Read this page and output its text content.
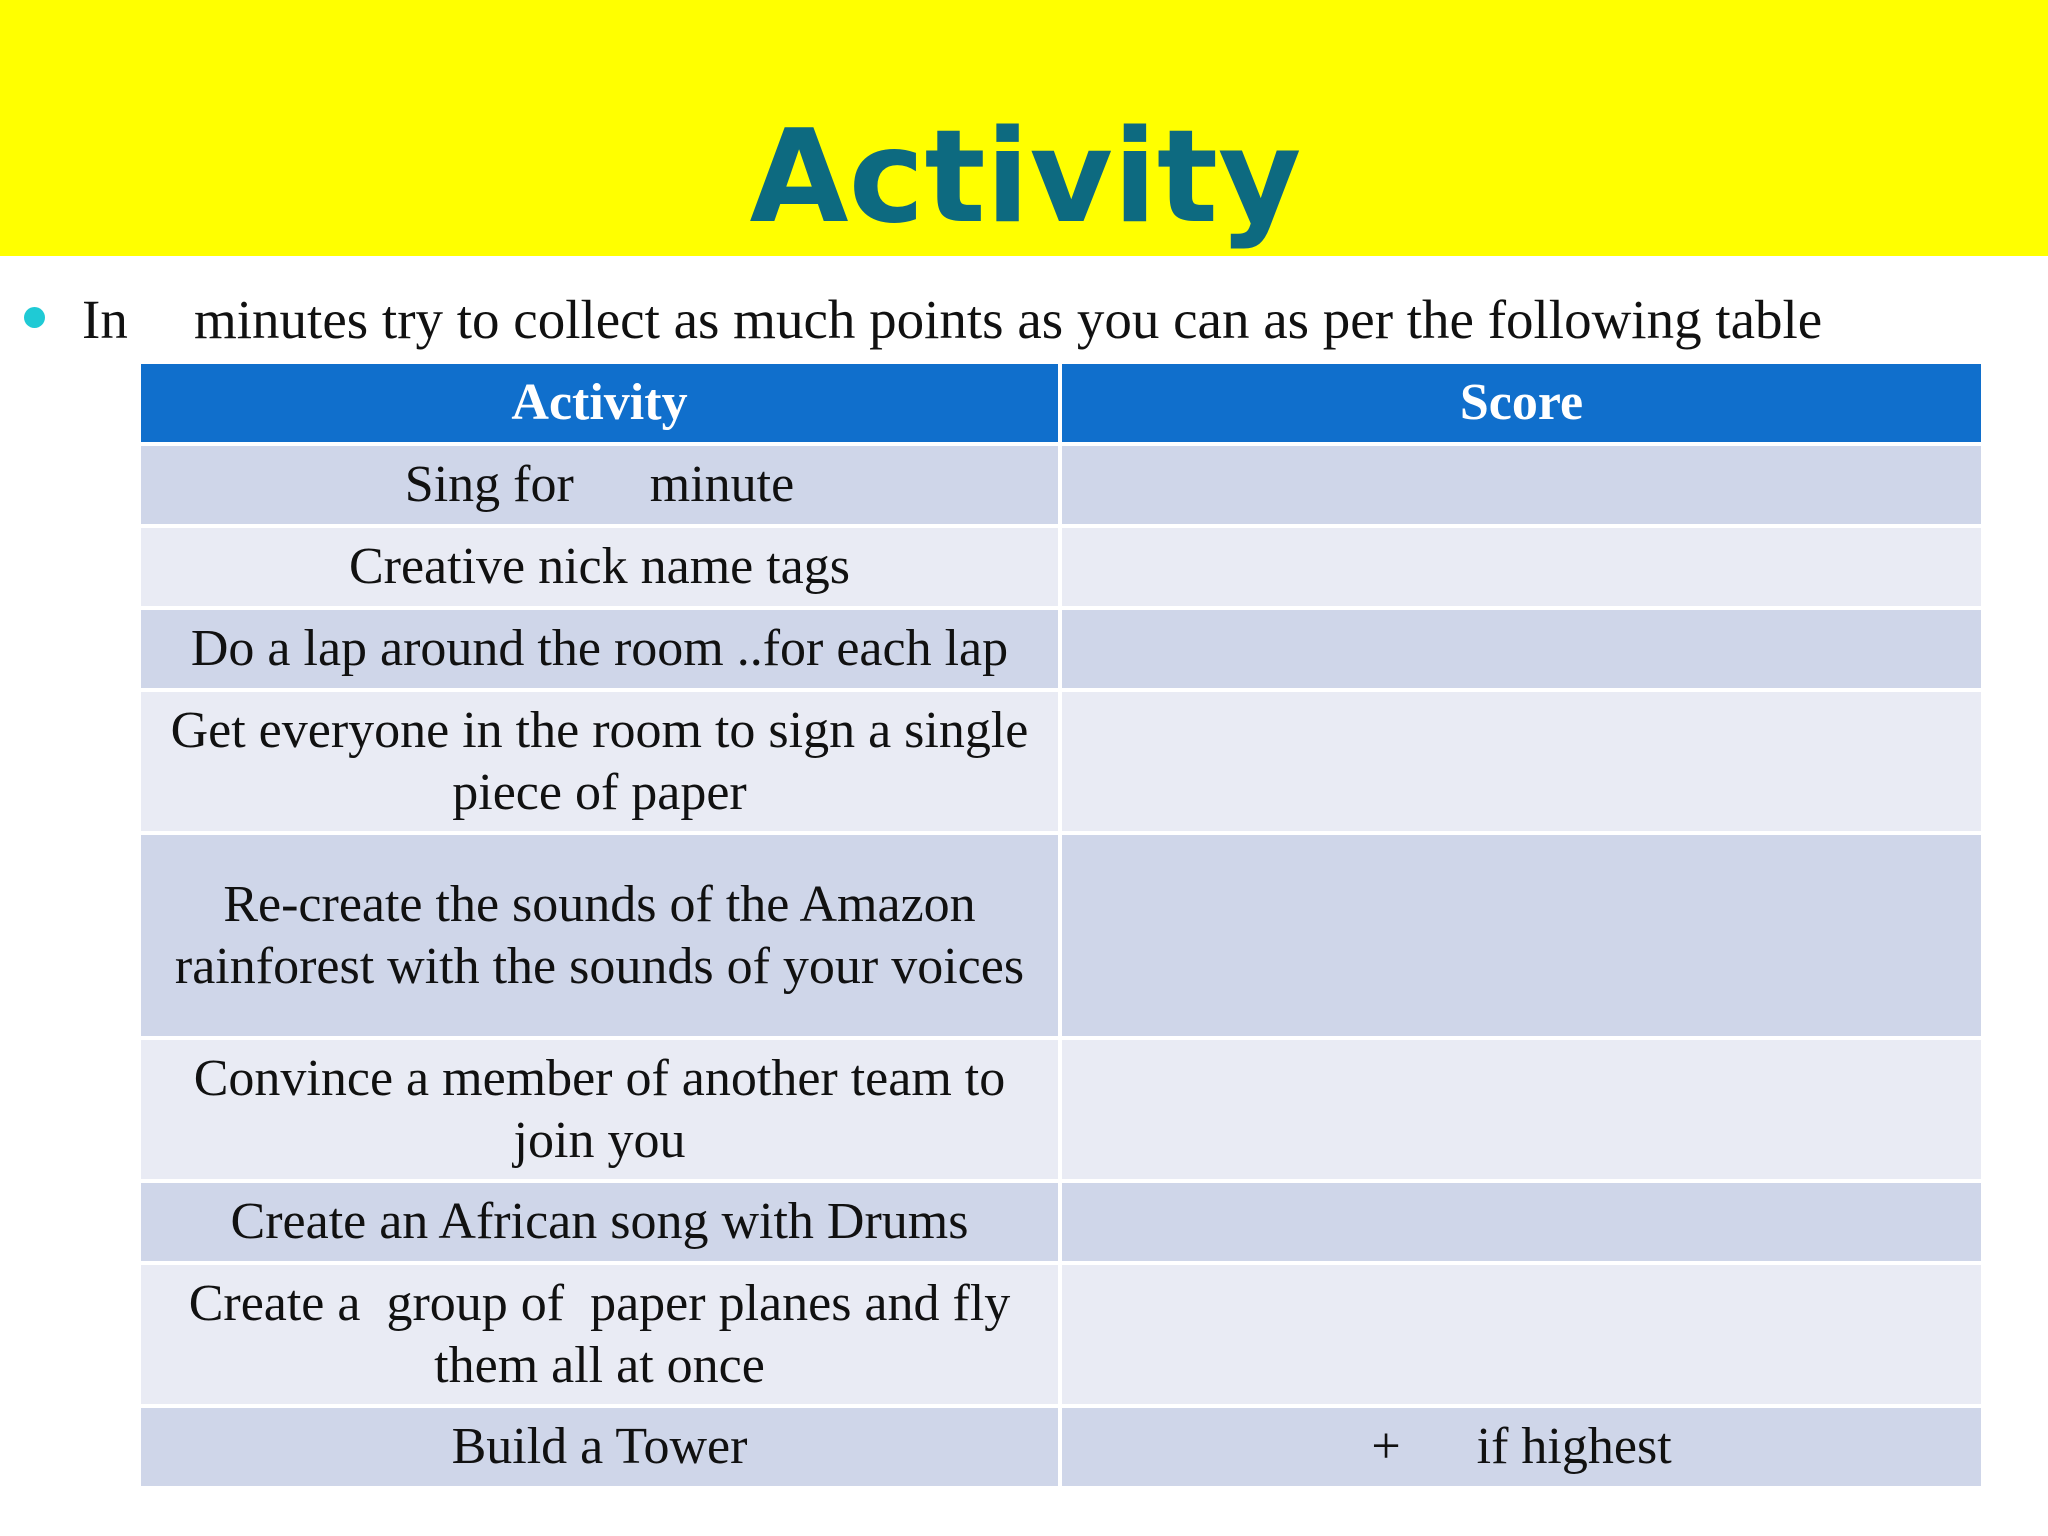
Activity
In minutes try to collect as much points as you can as per the following table
Activity	Score
Sing for minute	
Creative nick name tags	
Do a lap around the room ..for each lap	
Get everyone in the room to sign a single piece of paper	
Re-create the sounds of the Amazon rainforest with the sounds of your voices	
Convince a member of another team to join you	
Create an African song with Drums	
Create a  group of  paper planes and fly them all at once	
Build a Tower	+ if highest
